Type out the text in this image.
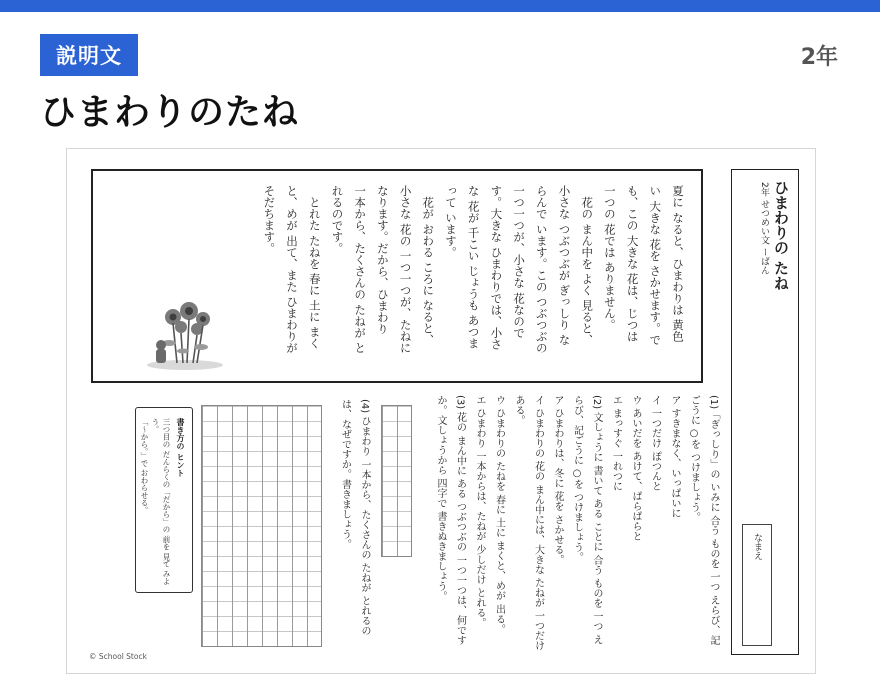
説明文	2年
ひまわりのたね
ひまわりの たね
2年 せつめい文 ーばん
なまえ
夏に なると、ひまわりは 黄色
い 大きな 花を さかせます。で
も、この 大きな 花は、じつは
一つの 花では ありません。
　花の まん中を よく 見ると、
小さな つぶつぶが ぎっしり な
らんで います。この つぶつぶの
一つ一つが、小さな 花なので
す。大きな ひまわりでは、小さ
な 花が 千こい じょうも あつま
って います。
　花が おわる ころに なると、
小さな 花の 一つ一つが、たねに
なります。だから、ひまわり
一本から、たくさんの たねが と
れるのです。
　とれた たねを 春に 土に まく
と、めが 出て、また ひまわりが
そだちます。
(1)「ぎっしり」の いみに 合う ものを 一つ えらび、記
ごうに ○を つけましょう。
ア すきまなく、いっぱいに
イ 一つだけ ぽつんと
ウ あいだを あけて、ぱらぱらと
エ まっすぐ 一れつに
(2) 文しょうに 書いて ある ことに 合う ものを 一つ え
らび、記ごうに ○を つけましょう。
ア ひまわりは、冬に 花を さかせる。
イ ひまわりの 花の まん中には、大きな たねが 一つだけ
ある。
ウ ひまわりの たねを 春に 土に まくと、めが 出る。
エ ひまわり 一本からは、たねが 少しだけ とれる。
(3) 花の まん中に ある つぶつぶの 一つ一つは、何です
か。文しょうから 四字で 書きぬきましょう。
(4) ひまわり 一本から、たくさんの たねが とれるの
は、なぜですか。書きましょう。
書き方の ヒント
三つ目の だんらくの「だから」の 前を 見て みよう。
「〜から。」で おわらせる。
© School Stock
